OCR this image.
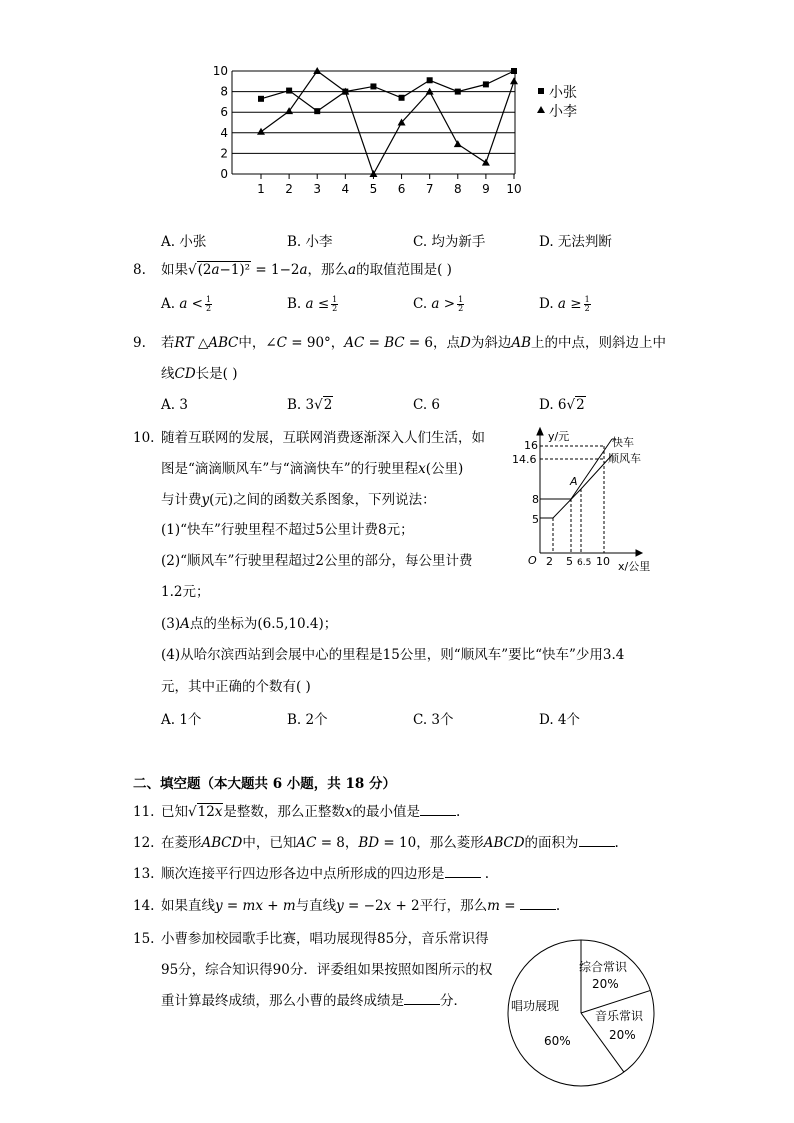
10
8
6
4
2
0
1 2 3 4 5 6 7 8 9 10
小张
小李
A. 小张	B. 小李	C. 均为新手	D. 无法判断
8. 如果√(2𝑎−1)² = 1−2𝑎，那么𝑎的取值范围是( )
A. 𝑎 < $\frac{1}{2}$	B. 𝑎 ≤ $\frac{1}{2}$	C. 𝑎 > $\frac{1}{2}$	D. 𝑎 ≥ $\frac{1}{2}$
9. 若𝑅𝑇 △𝐴𝐵𝐶中，∠𝐶 = 90°，𝐴𝐶 = 𝐵𝐶 = 6，点𝐷为斜边𝐴𝐵上的中点，则斜边上中
线𝐶𝐷长是( )
A. 3	B. 3√2	C. 6	D. 6√2
10. 随着互联网的发展，互联网消费逐渐深入人们生活，如
图是“滴滴顺风车”与“滴滴快车”的行驶里程𝑥(公里)
与计费𝑦(元)之间的函数关系图象，下列说法：
(1)“快车”行驶里程不超过5公里计费8元；
(2)“顺风车”行驶里程超过2公里的部分，每公里计费
1.2元；
(3)𝐴点的坐标为(6.5,10.4)；
(4)从哈尔滨西站到会展中心的里程是15公里，则“顺风车”要比“快车”少用3.4
元，其中正确的个数有( )
A. 1个	B. 2个	C. 3个	D. 4个
y/元
x/公里
O
16
14.6
8
5
2 5 6.5 10
A
快车
顺风车
二、填空题（本大题共 6 小题，共 18 分）
11. 已知√12𝑥是整数，那么正整数𝑥的最小值是	.
12. 在菱形𝐴𝐵𝐶𝐷中，已知𝐴𝐶 = 8，𝐵𝐷 = 10，那么菱形𝐴𝐵𝐶𝐷的面积为	.
13. 顺次连接平行四边形各边中点所形成的四边形是	.
14. 如果直线𝑦 = 𝑚𝑥 + 𝑚与直线𝑦 = −2𝑥 + 2平行，那么𝑚 =	.
15. 小曹参加校园歌手比赛，唱功展现得85分，音乐常识得
95分，综合知识得90分．评委组如果按照如图所示的权
重计算最终成绩，那么小曹的最终成绩是	分．
综合常识
20%
音乐常识
20%
唱功展现
60%
